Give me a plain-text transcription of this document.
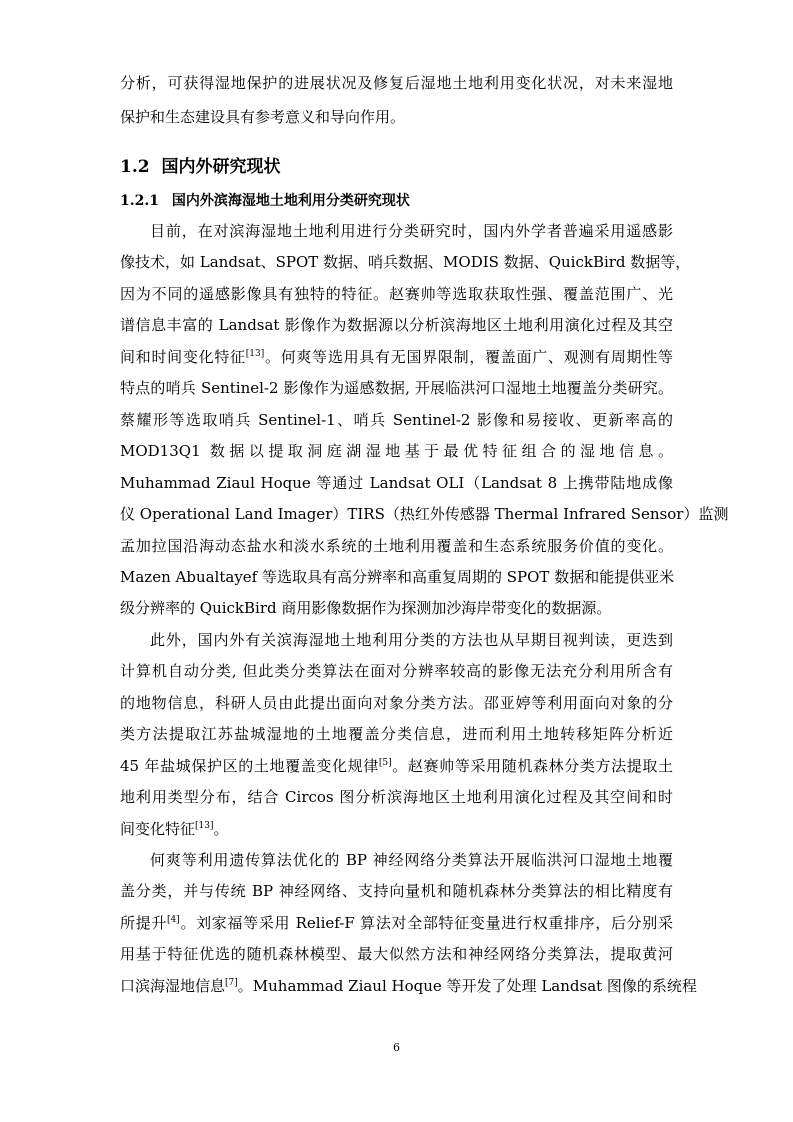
分析，可获得湿地保护的进展状况及修复后湿地土地利用变化状况，对未来湿地
保护和生态建设具有参考意义和导向作用。
1.2 国内外研究现状
1.2.1 国内外滨海湿地土地利用分类研究现状
目前，在对滨海湿地土地利用进行分类研究时，国内外学者普遍采用遥感影
像技术，如 Landsat、SPOT 数据、哨兵数据、MODIS 数据、QuickBird 数据等，
因为不同的遥感影像具有独特的特征。赵赛帅等选取获取性强、覆盖范围广、光
谱信息丰富的 Landsat 影像作为数据源以分析滨海地区土地利用演化过程及其空
间和时间变化特征[13]。何爽等选用具有无国界限制，覆盖面广、观测有周期性等
特点的哨兵 Sentinel-2 影像作为遥感数据, 开展临洪河口湿地土地覆盖分类研究。
蔡耀形等选取哨兵 Sentinel-1、哨兵 Sentinel-2 影像和易接收、更新率高的
MOD13Q1 数据以提取洞庭湖湿地基于最优特征组合的湿地信息。
Muhammad Ziaul Hoque 等通过 Landsat OLI（Landsat 8 上携带陆地成像
仪 Operational Land Imager）TIRS（热红外传感器 Thermal Infrared Sensor）监测
孟加拉国沿海动态盐水和淡水系统的土地利用覆盖和生态系统服务价值的变化。
Mazen Abualtayef 等选取具有高分辨率和高重复周期的 SPOT 数据和能提供亚米
级分辨率的 QuickBird 商用影像数据作为探测加沙海岸带变化的数据源。
此外，国内外有关滨海湿地土地利用分类的方法也从早期目视判读，更迭到
计算机自动分类, 但此类分类算法在面对分辨率较高的影像无法充分利用所含有
的地物信息，科研人员由此提出面向对象分类方法。邵亚婷等利用面向对象的分
类方法提取江苏盐城湿地的土地覆盖分类信息，进而利用土地转移矩阵分析近
45 年盐城保护区的土地覆盖变化规律[5]。赵赛帅等采用随机森林分类方法提取土
地利用类型分布，结合 Circos 图分析滨海地区土地利用演化过程及其空间和时
间变化特征[13]。
何爽等利用遗传算法优化的 BP 神经网络分类算法开展临洪河口湿地土地覆
盖分类，并与传统 BP 神经网络、支持向量机和随机森林分类算法的相比精度有
所提升[4]。刘家福等采用 Relief-F 算法对全部特征变量进行权重排序，后分别采
用基于特征优选的随机森林模型、最大似然方法和神经网络分类算法，提取黄河
口滨海湿地信息[7]。Muhammad Ziaul Hoque 等开发了处理 Landsat 图像的系统程
6
